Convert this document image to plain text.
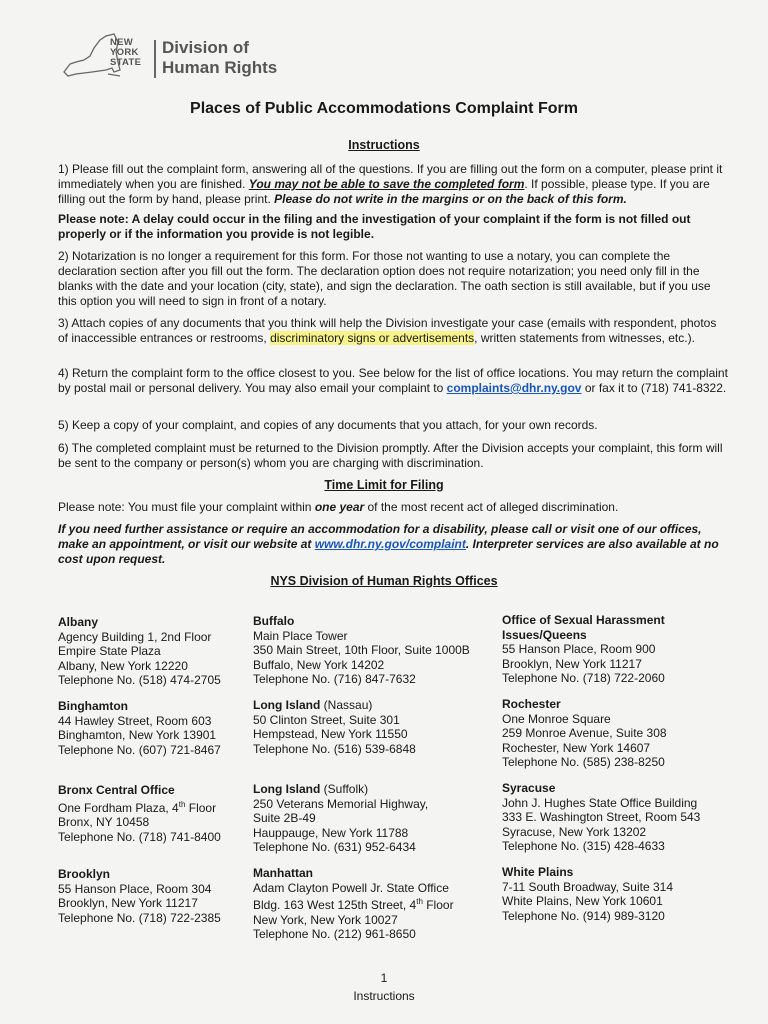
NEW
YORK
STATE
Division of
Human Rights
Places of Public Accommodations Complaint Form
Instructions
1) Please fill out the complaint form, answering all of the questions. If you are filling out the form on a computer, please print it immediately when you are finished. You may not be able to save the completed form. If possible, please type. If you are filling out the form by hand, please print. Please do not write in the margins or on the back of this form.
Please note: A delay could occur in the filing and the investigation of your complaint if the form is not filled out properly or if the information you provide is not legible.
2) Notarization is no longer a requirement for this form. For those not wanting to use a notary, you can complete the declaration section after you fill out the form. The declaration option does not require notarization; you need only fill in the blanks with the date and your location (city, state), and sign the declaration. The oath section is still available, but if you use this option you will need to sign in front of a notary.
3) Attach copies of any documents that you think will help the Division investigate your case (emails with respondent, photos of inaccessible entrances or restrooms, discriminatory signs or advertisements, written statements from witnesses, etc.).
4) Return the complaint form to the office closest to you. See below for the list of office locations. You may return the complaint by postal mail or personal delivery. You may also email your complaint to complaints@dhr.ny.gov or fax it to (718) 741-8322.
5) Keep a copy of your complaint, and copies of any documents that you attach, for your own records.
6) The completed complaint must be returned to the Division promptly. After the Division accepts your complaint, this form will be sent to the company or person(s) whom you are charging with discrimination.
Time Limit for Filing
Please note: You must file your complaint within one year of the most recent act of alleged discrimination.
If you need further assistance or require an accommodation for a disability, please call or visit one of our offices, make an appointment, or visit our website at www.dhr.ny.gov/complaint. Interpreter services are also available at no cost upon request.
NYS Division of Human Rights Offices
Albany
Agency Building 1, 2nd Floor
Empire State Plaza
Albany, New York 12220
Telephone No. (518) 474-2705
Binghamton
44 Hawley Street, Room 603
Binghamton, New York 13901
Telephone No. (607) 721-8467
Bronx Central Office
One Fordham Plaza, 4th Floor
Bronx, NY 10458
Telephone No. (718) 741-8400
Brooklyn
55 Hanson Place, Room 304
Brooklyn, New York 11217
Telephone No. (718) 722-2385
Buffalo
Main Place Tower
350 Main Street, 10th Floor, Suite 1000B
Buffalo, New York 14202
Telephone No. (716) 847-7632
Long Island (Nassau)
50 Clinton Street, Suite 301
Hempstead, New York 11550
Telephone No. (516) 539-6848
Long Island (Suffolk)
250 Veterans Memorial Highway,
Suite 2B-49
Hauppauge, New York 11788
Telephone No. (631) 952-6434
Manhattan
Adam Clayton Powell Jr. State Office
Bldg. 163 West 125th Street, 4th Floor
New York, New York 10027
Telephone No. (212) 961-8650
Office of Sexual Harassment
Issues/Queens
55 Hanson Place, Room 900
Brooklyn, New York 11217
Telephone No. (718) 722-2060
Rochester
One Monroe Square
259 Monroe Avenue, Suite 308
Rochester, New York 14607
Telephone No. (585) 238-8250
Syracuse
John J. Hughes State Office Building
333 E. Washington Street, Room 543
Syracuse, New York 13202
Telephone No. (315) 428-4633
White Plains
7-11 South Broadway, Suite 314
White Plains, New York 10601
Telephone No. (914) 989-3120
1
Instructions
